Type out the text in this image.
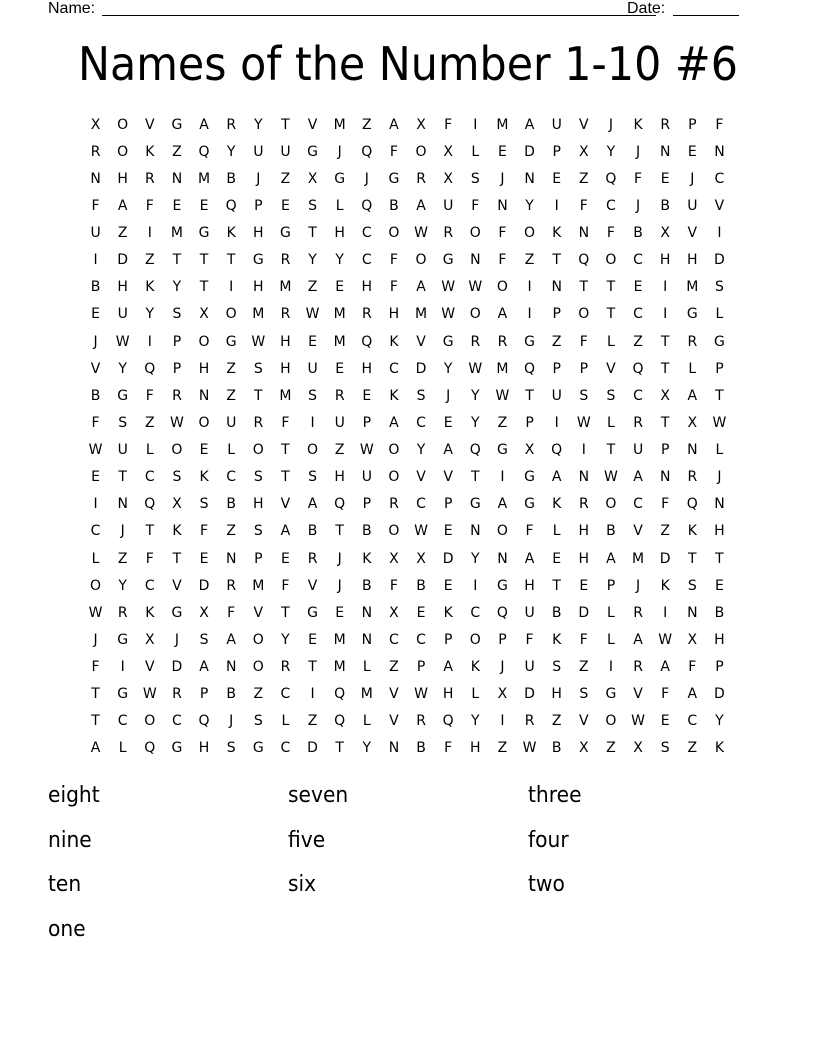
Name:	Date:
Names of the Number 1-10 #6
X	O	V	G	A	R	Y	T	V	M	Z	A	X	F	I	M	A	U	V	J	K	R	P	F
R	O	K	Z	Q	Y	U	U	G	J	Q	F	O	X	L	E	D	P	X	Y	J	N	E	N
N	H	R	N	M	B	J	Z	X	G	J	G	R	X	S	J	N	E	Z	Q	F	E	J	C
F	A	F	E	E	Q	P	E	S	L	Q	B	A	U	F	N	Y	I	F	C	J	B	U	V
U	Z	I	M	G	K	H	G	T	H	C	O	W	R	O	F	O	K	N	F	B	X	V	I
I	D	Z	T	T	T	G	R	Y	Y	C	F	O	G	N	F	Z	T	Q	O	C	H	H	D
B	H	K	Y	T	I	H	M	Z	E	H	F	A	W W	O	I	N	T	T	E	I	M	S
E	U	Y	S	X	O	M	R	W	M	R	H	M	W	O	A	I	P	O	T	C	I	G	L
J	W	I	P	O	G	W	H	E	M	Q	K	V	G	R	R	G	Z	F	L	Z	T	R	G
V	Y	Q	P	H	Z	S	H	U	E	H	C	D	Y	W	M	Q	P	P	V	Q	T	L	P
B	G	F	R	N	Z	T	M	S	R	E	K	S	J	Y	W	T	U	S	S	C	X	A	T
F	S	Z	W	O	U	R	F	I	U	P	A	C	E	Y	Z	P	I	W	L	R	T	X	W
W	U	L	O	E	L	O	T	O	Z	W	O	Y	A	Q	G	X	Q	I	T	U	P	N	L
E	T	C	S	K	C	S	T	S	H	U	O	V	V	T	I	G	A	N	W	A	N	R	J
I	N	Q	X	S	B	H	V	A	Q	P	R	C	P	G	A	G	K	R	O	C	F	Q	N
C	J	T	K	F	Z	S	A	B	T	B	O	W	E	N	O	F	L	H	B	V	Z	K	H
L	Z	F	T	E	N	P	E	R	J	K	X	X	D	Y	N	A	E	H	A	M	D	T	T
O	Y	C	V	D	R	M	F	V	J	B	F	B	E	I	G	H	T	E	P	J	K	S	E
W	R	K	G	X	F	V	T	G	E	N	X	E	K	C	Q	U	B	D	L	R	I	N	B
J	G	X	J	S	A	O	Y	E	M	N	C	C	P	O	P	F	K	F	L	A	W	X	H
F	I	V	D	A	N	O	R	T	M	L	Z	P	A	K	J	U	S	Z	I	R	A	F	P
T	G	W	R	P	B	Z	C	I	Q	M	V	W	H	L	X	D	H	S	G	V	F	A	D
T	C	O	C	Q	J	S	L	Z	Q	L	V	R	Q	Y	I	R	Z	V	O	W	E	C	Y
A	L	Q	G	H	S	G	C	D	T	Y	N	B	F	H	Z	W	B	X	Z	X	S	Z	K
eight	seven	three
nine	five	four
ten	six	two
one
